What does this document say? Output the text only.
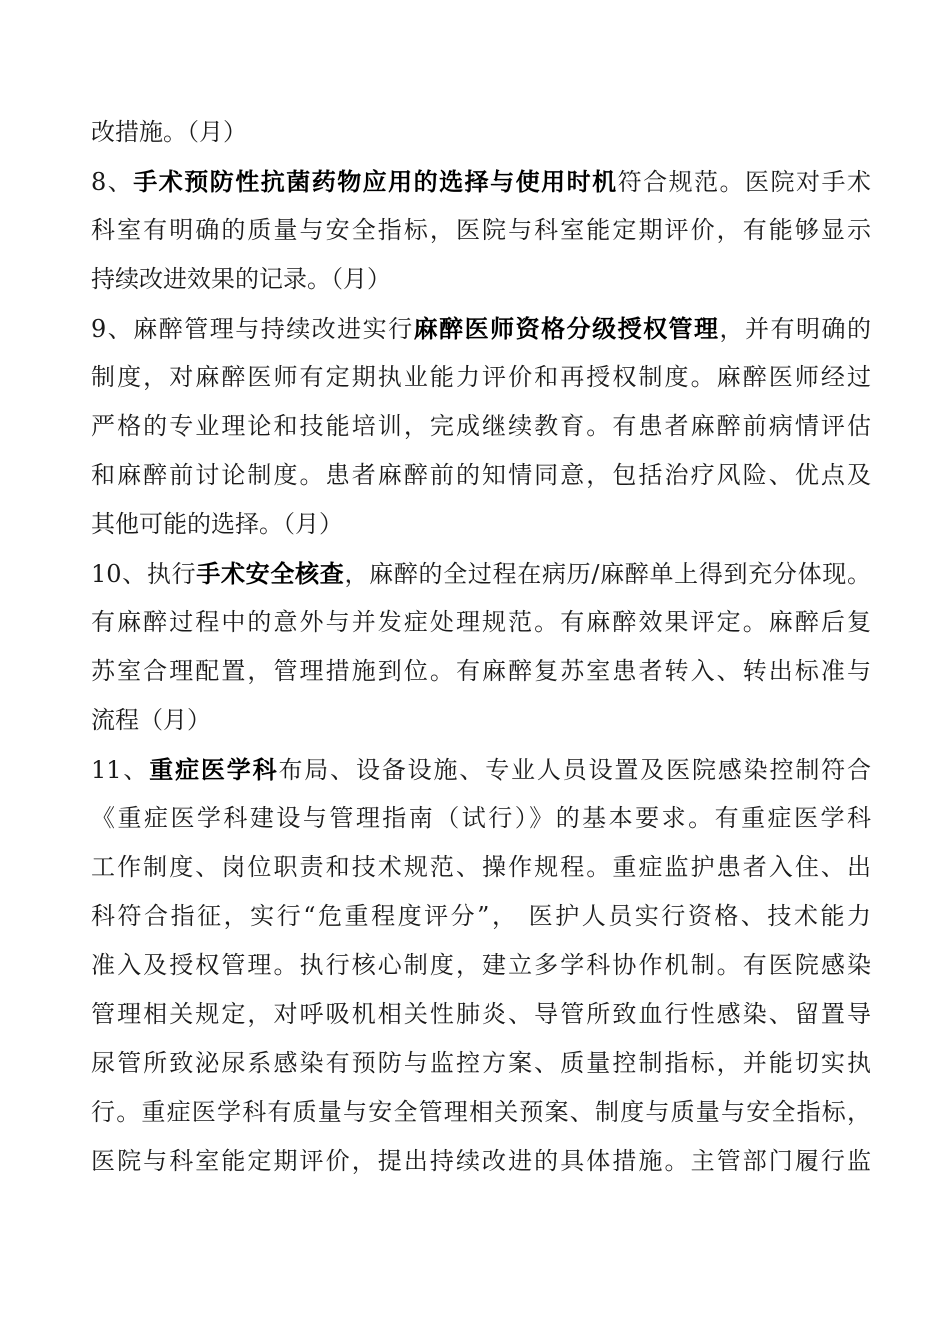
改措施。（月）
8、手术预防性抗菌药物应用的选择与使用时机符合规范。医院对手术
科室有明确的质量与安全指标，医院与科室能定期评价，有能够显示
持续改进效果的记录。（月）
9、麻醉管理与持续改进实行麻醉医师资格分级授权管理，并有明确的
制度，对麻醉医师有定期执业能力评价和再授权制度。麻醉医师经过
严格的专业理论和技能培训，完成继续教育。有患者麻醉前病情评估
和麻醉前讨论制度。患者麻醉前的知情同意，包括治疗风险、优点及
其他可能的选择。（月）
10、执行手术安全核查，麻醉的全过程在病历/麻醉单上得到充分体现。
有麻醉过程中的意外与并发症处理规范。有麻醉效果评定。麻醉后复
苏室合理配置，管理措施到位。有麻醉复苏室患者转入、转出标准与
流程（月）
11、重症医学科布局、设备设施、专业人员设置及医院感染控制符合
《重症医学科建设与管理指南（试行）》的基本要求。有重症医学科
工作制度、岗位职责和技术规范、操作规程。重症监护患者入住、出
科符合指征，实行“危重程度评分”， 医护人员实行资格、技术能力
准入及授权管理。执行核心制度，建立多学科协作机制。有医院感染
管理相关规定，对呼吸机相关性肺炎、导管所致血行性感染、留置导
尿管所致泌尿系感染有预防与监控方案、质量控制指标，并能切实执
行。重症医学科有质量与安全管理相关预案、制度与质量与安全指标，
医院与科室能定期评价，提出持续改进的具体措施。主管部门履行监
